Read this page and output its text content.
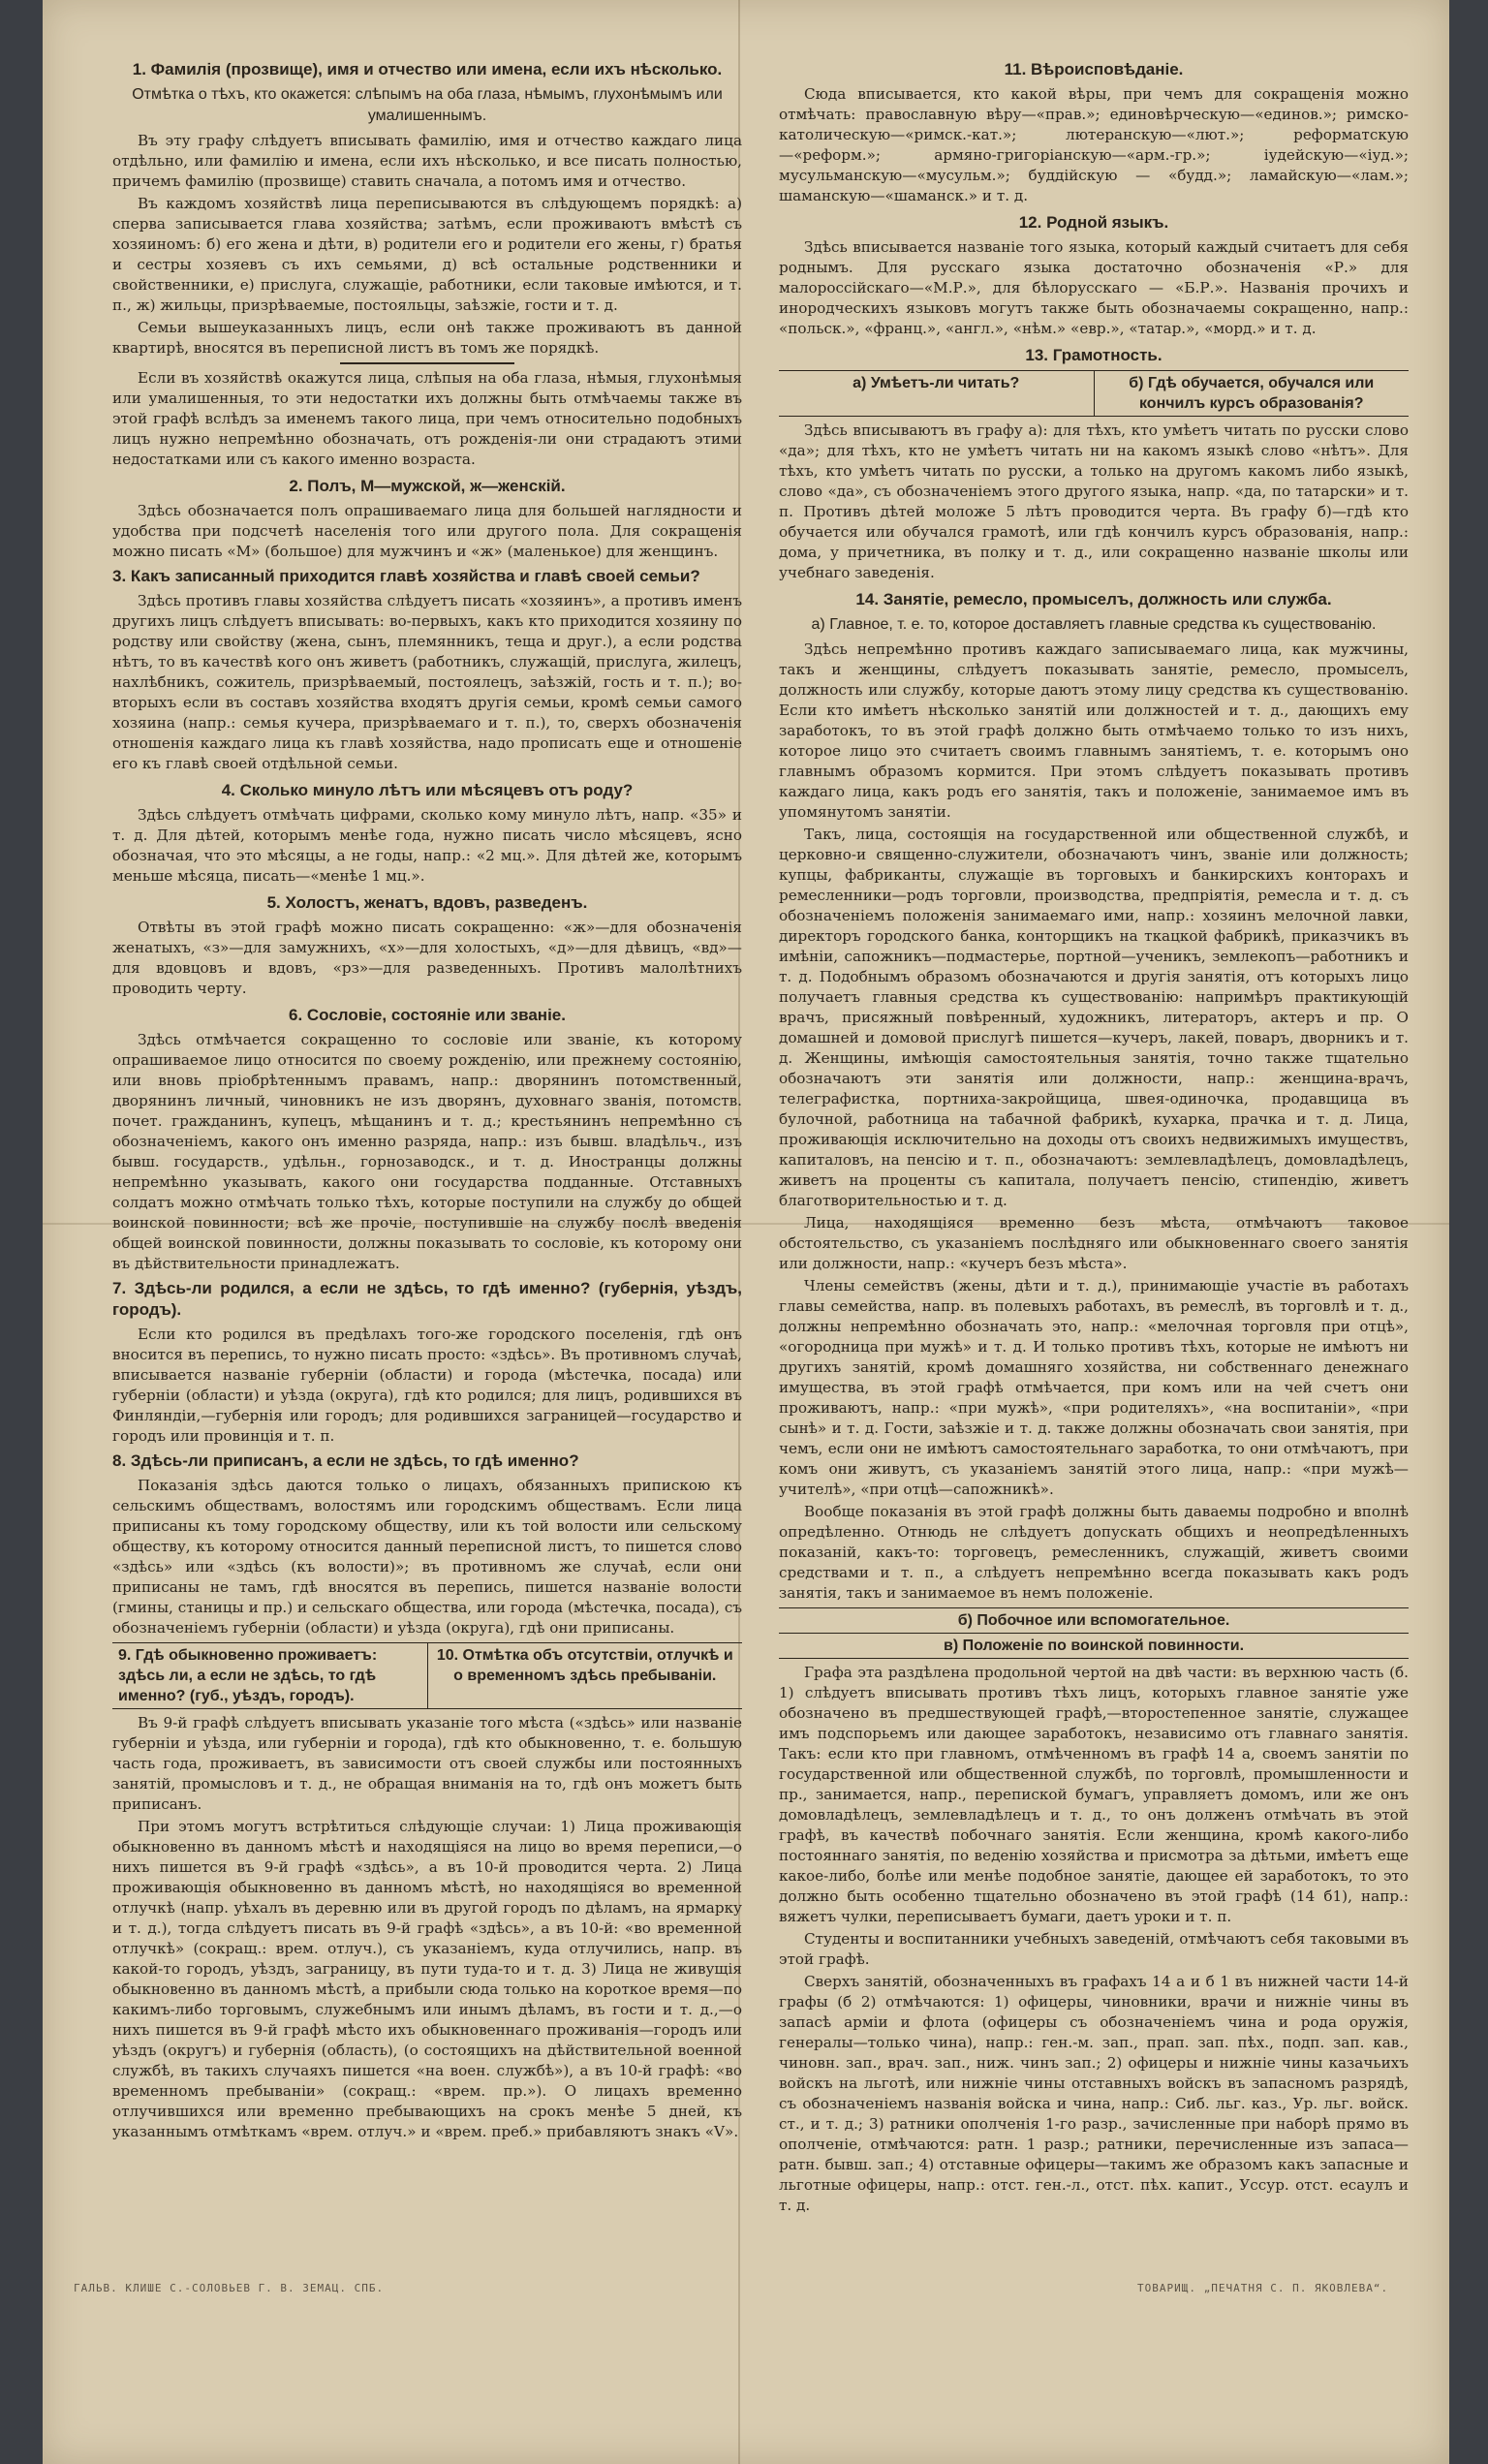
1. Фамилія (прозвище), имя и отчество или имена, если ихъ нѣсколько.
Отмѣтка о тѣхъ, кто окажется: слѣпымъ на оба глаза, нѣмымъ, глухонѣмымъ или умалишеннымъ.

Въ эту графу слѣдуетъ вписывать фамилію, имя и отчество каждаго лица отдѣльно, или фамилію и имена, если ихъ нѣсколько, и все писать полностью, причемъ фамилію (прозвище) ставить сначала, а потомъ имя и отчество.

Въ каждомъ хозяйствѣ лица переписываются въ слѣдующемъ порядкѣ: а) сперва записывается глава хозяйства; затѣмъ, если проживаютъ вмѣстѣ съ хозяиномъ: б) его жена и дѣти, в) родители его и родители его жены, г) братья и сестры хозяевъ съ ихъ семьями, д) всѣ остальные родственники и свойственники, е) прислуга, служащіе, работники, если таковые имѣются, и т. п., ж) жильцы, призрѣваемые, постояльцы, заѣзжіе, гости и т. д.

Семьи вышеуказанныхъ лицъ, если онѣ также проживаютъ въ данной квартирѣ, вносятся въ переписной листъ въ томъ же порядкѣ.

Если въ хозяйствѣ окажутся лица, слѣпыя на оба глаза, нѣмыя, глухонѣмыя или умалишенныя, то эти недостатки ихъ должны быть отмѣчаемы также въ этой графѣ вслѣдъ за именемъ такого лица, при чемъ относительно подобныхъ лицъ нужно непремѣнно обозначать, отъ рожденія-ли они страдаютъ этими недостатками или съ какого именно возраста.

2. Полъ, М—мужской, ж—женскій.

Здѣсь обозначается полъ опрашиваемаго лица для большей наглядности и удобства при подсчетѣ населенія того или другого пола. Для сокращенія можно писать «М» (большое) для мужчинъ и «ж» (маленькое) для женщинъ.

3. Какъ записанный приходится главѣ хозяйства и главѣ своей семьи?

Здѣсь противъ главы хозяйства слѣдуетъ писать «хозяинъ», а противъ именъ другихъ лицъ слѣдуетъ вписывать: во-первыхъ, какъ кто приходится хозяину по родству или свойству (жена, сынъ, племянникъ, теща и друг.), а если родства нѣтъ, то въ качествѣ кого онъ живетъ (работникъ, служащій, прислуга, жилецъ, нахлѣбникъ, сожитель, призрѣваемый, постоялецъ, заѣзжій, гость и т. п.); во-вторыхъ если въ составъ хозяйства входятъ другія семьи, кромѣ семьи самого хозяина (напр.: семья кучера, призрѣваемаго и т. п.), то, сверхъ обозначенія отношенія каждаго лица къ главѣ хозяйства, надо прописать еще и отношеніе его къ главѣ своей отдѣльной семьи.

4. Сколько минуло лѣтъ или мѣсяцевъ отъ роду?

Здѣсь слѣдуетъ отмѣчать цифрами, сколько кому минуло лѣтъ, напр. «35» и т. д. Для дѣтей, которымъ менѣе года, нужно писать число мѣсяцевъ, ясно обозначая, что это мѣсяцы, а не годы, напр.: «2 мц.». Для дѣтей же, которымъ меньше мѣсяца, писать—«менѣе 1 мц.».

5. Холостъ, женатъ, вдовъ, разведенъ.

Отвѣты въ этой графѣ можно писать сокращенно: «ж»—для обозначенія женатыхъ, «з»—для замужнихъ, «х»—для холостыхъ, «д»—для дѣвицъ, «вд»—для вдовцовъ и вдовъ, «рз»—для разведенныхъ. Противъ малолѣтнихъ проводить черту.

6. Сословіе, состояніе или званіе.

Здѣсь отмѣчается сокращенно то сословіе или званіе, къ которому опрашиваемое лицо относится по своему рожденію, или прежнему состоянію, или вновь пріобрѣтеннымъ правамъ, напр.: дворянинъ потомственный, дворянинъ личный, чиновникъ не изъ дворянъ, духовнаго званія, потомств. почет. гражданинъ, купецъ, мѣщанинъ и т. д.; крестьянинъ непремѣнно съ обозначеніемъ, какого онъ именно разряда, напр.: изъ бывш. владѣльч., изъ бывш. государств., удѣльн., горнозаводск., и т. д. Иностранцы должны непремѣнно указывать, какого они государства подданные. Отставныхъ солдатъ можно отмѣчать только тѣхъ, которые поступили на службу до общей воинской повинности; всѣ же прочіе, поступившіе на службу послѣ введенія общей воинской повинности, должны показывать то сословіе, къ которому они въ дѣйствительности принадлежатъ.

7. Здѣсь-ли родился, а если не здѣсь, то гдѣ именно? (губернія, уѣздъ, городъ).

Если кто родился въ предѣлахъ того-же городского поселенія, гдѣ онъ вносится въ перепись, то нужно писать просто: «здѣсь». Въ противномъ случаѣ, вписывается названіе губерніи (области) и города (мѣстечка, посада) или губерніи (области) и уѣзда (округа), гдѣ кто родился; для лицъ, родившихся въ Финляндіи,—губернія или городъ; для родившихся заграницей—государство и городъ или провинція и т. п.

8. Здѣсь-ли приписанъ, а если не здѣсь, то гдѣ именно?

Показанія здѣсь даются только о лицахъ, обязанныхъ припискою къ сельскимъ обществамъ, волостямъ или городскимъ обществамъ. Если лица приписаны къ тому городскому обществу, или къ той волости или сельскому обществу, къ которому относится данный переписной листъ, то пишется слово «здѣсь» или «здѣсь (къ волости)»; въ противномъ же случаѣ, если они приписаны не тамъ, гдѣ вносятся въ перепись, пишется названіе волости (гмины, станицы и пр.) и сельскаго общества, или города (мѣстечка, посада), съ обозначеніемъ губерніи (области) и уѣзда (округа), гдѣ они приписаны.

9. Гдѣ обыкновенно проживаетъ: здѣсь ли, а если не здѣсь, то гдѣ именно? (губ., уѣздъ, городъ).
10. Отмѣтка объ отсутствіи, отлучкѣ и о временномъ здѣсь пребываніи.

Въ 9-й графѣ слѣдуетъ вписывать указаніе того мѣста («здѣсь» или названіе губерніи и уѣзда, или губерніи и города), гдѣ кто обыкновенно, т. е. большую часть года, проживаетъ, въ зависимости отъ своей службы или постоянныхъ занятій, промысловъ и т. д., не обращая вниманія на то, гдѣ онъ можетъ быть приписанъ.

При этомъ могутъ встрѣтиться слѣдующіе случаи: 1) Лица проживающія обыкновенно въ данномъ мѣстѣ и находящіяся на лицо во время переписи,—о нихъ пишется въ 9-й графѣ «здѣсь», а въ 10-й проводится черта. 2) Лица проживающія обыкновенно въ данномъ мѣстѣ, но находящіяся во временной отлучкѣ (напр. уѣхалъ въ деревню или въ другой городъ по дѣламъ, на ярмарку и т. д.), тогда слѣдуетъ писать въ 9-й графѣ «здѣсь», а въ 10-й: «во временной отлучкѣ» (сокращ.: врем. отлуч.), съ указаніемъ, куда отлучились, напр. въ какой-то городъ, уѣздъ, заграницу, въ пути туда-то и т. д. 3) Лица не живущія обыкновенно въ данномъ мѣстѣ, а прибыли сюда только на короткое время—по какимъ-либо торговымъ, служебнымъ или инымъ дѣламъ, въ гости и т. д.,—о нихъ пишется въ 9-й графѣ мѣсто ихъ обыкновеннаго проживанія—городъ или уѣздъ (округъ) и губернія (область), (о состоящихъ на дѣйствительной военной службѣ, въ такихъ случаяхъ пишется «на воен. службѣ»), а въ 10-й графѣ: «во временномъ пребываніи» (сокращ.: «врем. пр.»). О лицахъ временно отлучившихся или временно пребывающихъ на срокъ менѣе 5 дней, къ указаннымъ отмѣткамъ «врем. отлуч.» и «врем. преб.» прибавляютъ знакъ «V».

11. Вѣроисповѣданіе.

Сюда вписывается, кто какой вѣры, при чемъ для сокращенія можно отмѣчать: православную вѣру—«прав.»; единовѣрческую—«единов.»; римско-католическую—«римск.-кат.»; лютеранскую—«лют.»; реформатскую—«реформ.»; армяно-григоріанскую—«арм.-гр.»; іудейскую—«іуд.»; мусульманскую—«мусульм.»; буддійскую — «будд.»; ламайскую—«лам.»; шаманскую—«шаманск.» и т. д.

12. Родной языкъ.

Здѣсь вписывается названіе того языка, который каждый считаетъ для себя роднымъ. Для русскаго языка достаточно обозначенія «Р.» для малороссійскаго—«М.Р.», для бѣлорусскаго — «Б.Р.». Названія прочихъ и инородческихъ языковъ могутъ также быть обозначаемы сокращенно, напр.: «польск.», «франц.», «англ.», «нѣм.» «евр.», «татар.», «морд.» и т. д.

13. Грамотность.
а) Умѣетъ-ли читать?	б) Гдѣ обучается, обучался или кончилъ курсъ образованія?

Здѣсь вписываютъ въ графу а): для тѣхъ, кто умѣетъ читать по русски слово «да»; для тѣхъ, кто не умѣетъ читать ни на какомъ языкѣ слово «нѣтъ». Для тѣхъ, кто умѣетъ читать по русски, а только на другомъ какомъ либо языкѣ, слово «да», съ обозначеніемъ этого другого языка, напр. «да, по татарски» и т. п. Противъ дѣтей моложе 5 лѣтъ проводится черта. Въ графу б)—гдѣ кто обучается или обучался грамотѣ, или гдѣ кончилъ курсъ образованія, напр.: дома, у причетника, въ полку и т. д., или сокращенно названіе школы или учебнаго заведенія.

14. Занятіе, ремесло, промыселъ, должность или служба.
а) Главное, т. е. то, которое доставляетъ главные средства къ существованію.

Здѣсь непремѣнно противъ каждаго записываемаго лица, как мужчины, такъ и женщины, слѣдуетъ показывать занятіе, ремесло, промыселъ, должность или службу, которые даютъ этому лицу средства къ существованію. Если кто имѣетъ нѣсколько занятій или должностей и т. д., дающихъ ему заработокъ, то въ этой графѣ должно быть отмѣчаемо только то изъ нихъ, которое лицо это считаетъ своимъ главнымъ занятіемъ, т. е. которымъ оно главнымъ образомъ кормится. При этомъ слѣдуетъ показывать противъ каждаго лица, какъ родъ его занятія, такъ и положеніе, занимаемое имъ въ упомянутомъ занятіи.

Такъ, лица, состоящія на государственной или общественной службѣ, и церковно-и священно-служители, обозначаютъ чинъ, званіе или должность; купцы, фабриканты, служащіе въ торговыхъ и банкирскихъ конторахъ и ремесленники—родъ торговли, производства, предпріятія, ремесла и т. д. съ обозначеніемъ положенія занимаемаго ими, напр.: хозяинъ мелочной лавки, директоръ городского банка, конторщикъ на ткацкой фабрикѣ, приказчикъ въ имѣніи, сапожникъ—подмастерье, портной—ученикъ, землекопъ—работникъ и т. д. Подобнымъ образомъ обозначаются и другія занятія, отъ которыхъ лицо получаетъ главныя средства къ существованію: напримѣръ практикующій врачъ, присяжный повѣренный, художникъ, литераторъ, актеръ и пр. О домашней и домовой прислугѣ пишется—кучеръ, лакей, поваръ, дворникъ и т. д. Женщины, имѣющія самостоятельныя занятія, точно также тщательно обозначаютъ эти занятія или должности, напр.: женщина-врачъ, телеграфистка, портниха-закройщица, швея-одиночка, продавщица въ булочной, работница на табачной фабрикѣ, кухарка, прачка и т. д. Лица, проживающія исключительно на доходы отъ своихъ недвижимыхъ имуществъ, капиталовъ, на пенсію и т. п., обозначаютъ: землевладѣлецъ, домовладѣлецъ, живетъ на проценты съ капитала, получаетъ пенсію, стипендію, живетъ благотворительностью и т. д.

Лица, находящіяся временно безъ мѣста, отмѣчаютъ таковое обстоятельство, съ указаніемъ послѣдняго или обыкновеннаго своего занятія или должности, напр.: «кучеръ безъ мѣста».

Члены семействъ (жены, дѣти и т. д.), принимающіе участіе въ работахъ главы семейства, напр. въ полевыхъ работахъ, въ ремеслѣ, въ торговлѣ и т. д., должны непремѣнно обозначать это, напр.: «мелочная торговля при отцѣ», «огородница при мужѣ» и т. д. И только противъ тѣхъ, которые не имѣютъ ни другихъ занятій, кромѣ домашняго хозяйства, ни собственнаго денежнаго имущества, въ этой графѣ отмѣчается, при комъ или на чей счетъ они проживаютъ, напр.: «при мужѣ», «при родителяхъ», «на воспитаніи», «при сынѣ» и т. д. Гости, заѣзжіе и т. д. также должны обозначать свои занятія, при чемъ, если они не имѣютъ самостоятельнаго заработка, то они отмѣчаютъ, при комъ они живутъ, съ указаніемъ занятій этого лица, напр.: «при мужѣ—учителѣ», «при отцѣ—сапожникѣ».

Вообще показанія въ этой графѣ должны быть даваемы подробно и вполнѣ опредѣленно. Отнюдь не слѣдуетъ допускать общихъ и неопредѣленныхъ показаній, какъ-то: торговецъ, ремесленникъ, служащій, живетъ своими средствами и т. п., а слѣдуетъ непремѣнно всегда показывать какъ родъ занятія, такъ и занимаемое въ немъ положеніе.

б) Побочное или вспомогательное.
в) Положеніе по воинской повинности.

Графа эта раздѣлена продольной чертой на двѣ части: въ верхнюю часть (б. 1) слѣдуетъ вписывать противъ тѣхъ лицъ, которыхъ главное занятіе уже обозначено въ предшествующей графѣ,—второстепенное занятіе, служащее имъ подспорьемъ или дающее заработокъ, независимо отъ главнаго занятія. Такъ: если кто при главномъ, отмѣченномъ въ графѣ 14 а, своемъ занятіи по государственной или общественной службѣ, по торговлѣ, промышленности и пр., занимается, напр., перепиской бумагъ, управляетъ домомъ, или же онъ домовладѣлецъ, землевладѣлецъ и т. д., то онъ долженъ отмѣчать въ этой графѣ, въ качествѣ побочнаго занятія. Если женщина, кромѣ какого-либо постояннаго занятія, по веденію хозяйства и присмотра за дѣтьми, имѣетъ еще какое-либо, болѣе или менѣе подобное занятіе, дающее ей заработокъ, то это должно быть особенно тщательно обозначено въ этой графѣ (14 б1), напр.: вяжетъ чулки, переписываетъ бумаги, даетъ уроки и т. п.

Студенты и воспитанники учебныхъ заведеній, отмѣчаютъ себя таковыми въ этой графѣ.

Сверхъ занятій, обозначенныхъ въ графахъ 14 а и б 1 въ нижней части 14-й графы (б 2) отмѣчаются: 1) офицеры, чиновники, врачи и нижніе чины въ запасѣ арміи и флота (офицеры съ обозначеніемъ чина и рода оружія, генералы—только чина), напр.: ген.-м. зап., прап. зап. пѣх., подп. зап. кав., чиновн. зап., врач. зап., ниж. чинъ зап.; 2) офицеры и нижніе чины казачьихъ войскъ на льготѣ, или нижніе чины отставныхъ войскъ въ запасномъ разрядѣ, съ обозначеніемъ названія войска и чина, напр.: Сиб. льг. каз., Ур. льг. войск. ст., и т. д.; 3) ратники ополченія 1-го разр., зачисленные при наборѣ прямо въ ополченіе, отмѣчаются: ратн. 1 разр.; ратники, перечисленные изъ запаса—ратн. бывш. зап.; 4) отставные офицеры—такимъ же образомъ какъ запасные и льготные офицеры, напр.: отст. ген.-л., отст. пѣх. капит., Уссур. отст. есаулъ и т. д.

ГАЛЬВ. КЛИШЕ С.-СОЛОВЬЕВ Г. В. ЗЕМАЦ. СПБ.	ТОВАРИЩ. „ПЕЧАТНЯ С. П. ЯКОВЛЕВА“.
